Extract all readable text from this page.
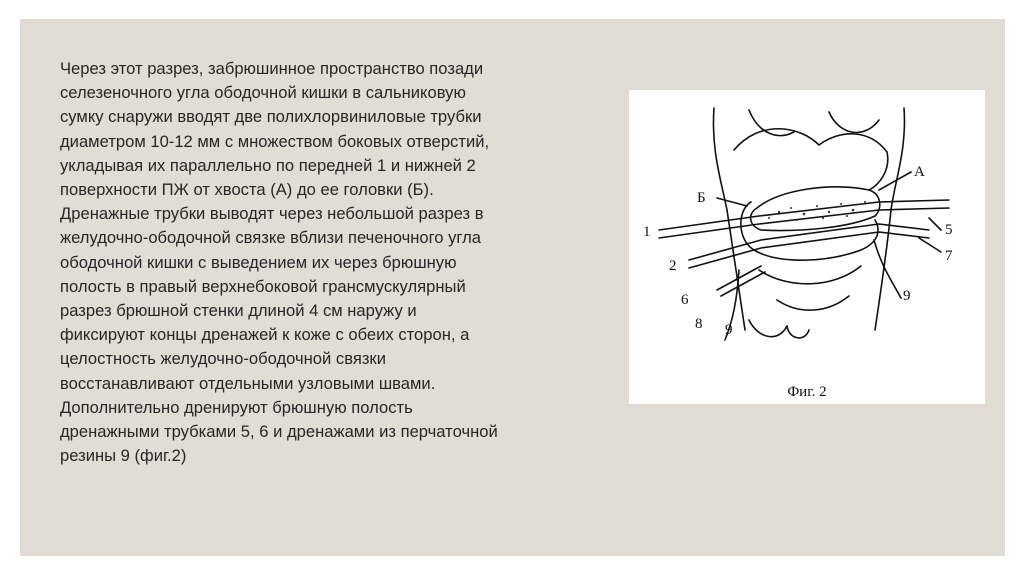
Через этот разрез, забрюшинное пространство позади
селезеночного угла ободочной кишки в сальниковую
сумку снаружи вводят две полихлорвиниловые трубки
диаметром 10-12 мм с множеством боковых отверстий,
укладывая их параллельно по передней 1 и нижней 2
поверхности ПЖ от хвоста (А) до ее головки (Б).
Дренажные трубки выводят через небольшой разрез в
желудочно-ободочной связке вблизи печеночного угла
ободочной кишки с выведением их через брюшную
полость в правый верхнебоковой грансмускулярный
разрез брюшной стенки длиной 4 см наружу и
фиксируют концы дренажей к коже с обеих сторон, а
целостность желудочно-ободочной связки
восстанавливают отдельными узловыми швами.
Дополнительно дренируют брюшную полость
дренажными трубками 5, 6 и дренажами из перчаточной
резины 9 (фиг.2)

А
Б
1
2
5
6
7
8 9
9
Фиг. 2
